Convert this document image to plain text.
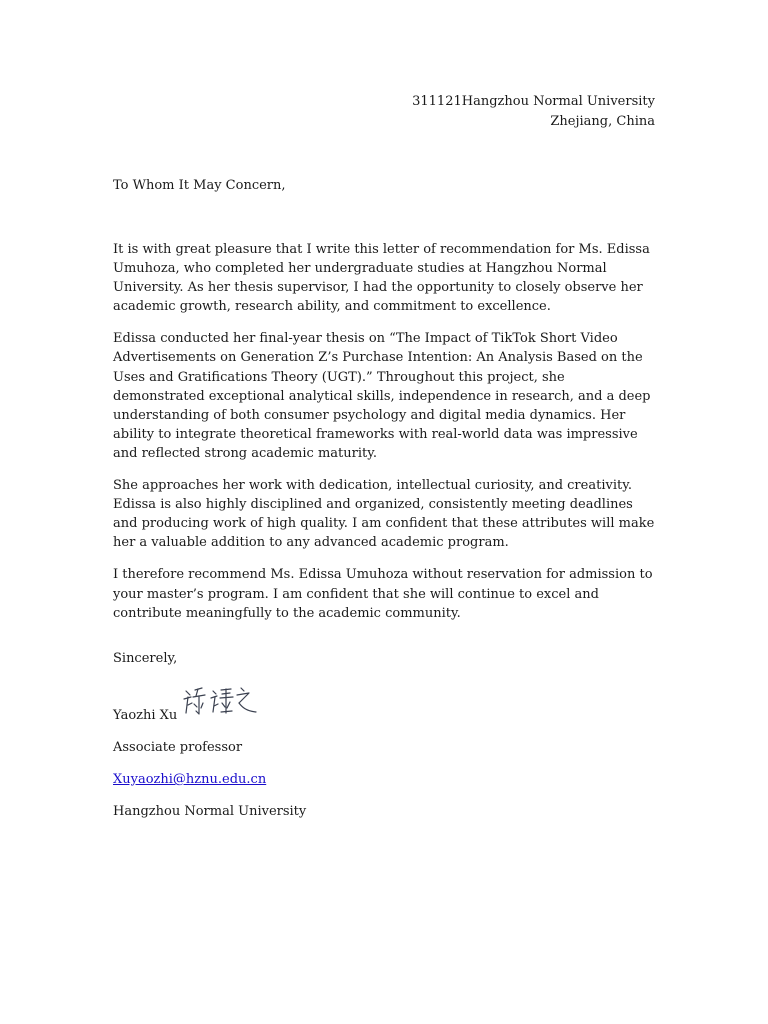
311121Hangzhou Normal University
Zhejiang, China
To Whom It May Concern,

It is with great pleasure that I write this letter of recommendation for Ms. Edissa Umuhoza, who completed her undergraduate studies at Hangzhou Normal University. As her thesis supervisor, I had the opportunity to closely observe her academic growth, research ability, and commitment to excellence.

Edissa conducted her final-year thesis on “The Impact of TikTok Short Video Advertisements on Generation Z’s Purchase Intention: An Analysis Based on the Uses and Gratifications Theory (UGT).” Throughout this project, she demonstrated exceptional analytical skills, independence in research, and a deep understanding of both consumer psychology and digital media dynamics. Her ability to integrate theoretical frameworks with real-world data was impressive and reflected strong academic maturity.

She approaches her work with dedication, intellectual curiosity, and creativity. Edissa is also highly disciplined and organized, consistently meeting deadlines and producing work of high quality. I am confident that these attributes will make her a valuable addition to any advanced academic program.

I therefore recommend Ms. Edissa Umuhoza without reservation for admission to your master’s program. I am confident that she will continue to excel and contribute meaningfully to the academic community.

Sincerely,
Yaozhi Xu
Associate professor
Xuyaozhi@hznu.edu.cn
Hangzhou Normal University
